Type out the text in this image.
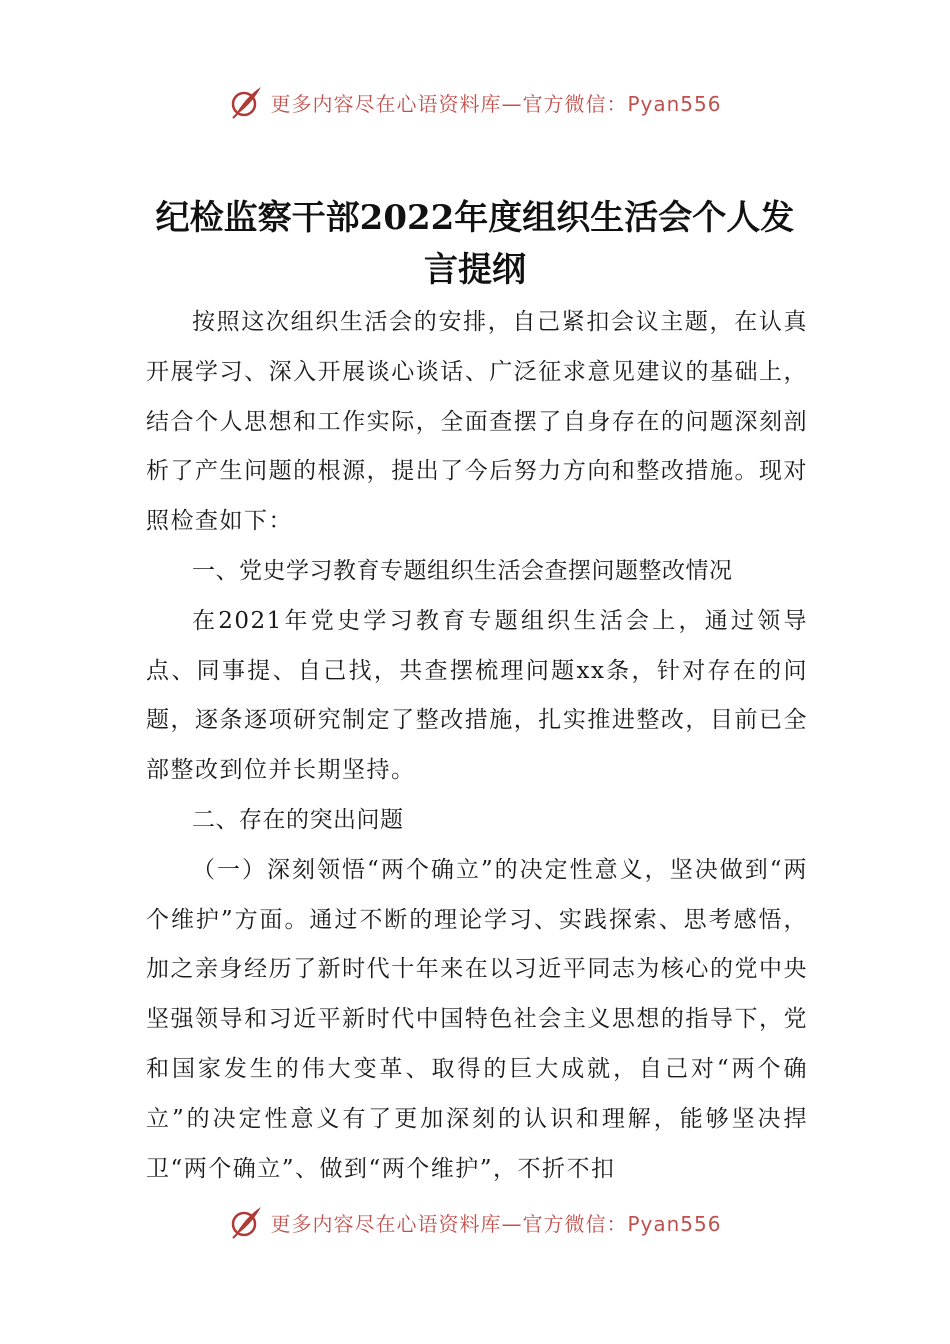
更多内容尽在心语资料库—官方微信：Pyan556
纪检监察干部2022年度组织生活会个人发言提纲

按照这次组织生活会的安排，自己紧扣会议主题，在认真开展学习、深入开展谈心谈话、广泛征求意见建议的基础上，结合个人思想和工作实际，全面查摆了自身存在的问题深刻剖析了产生问题的根源，提出了今后努力方向和整改措施。现对照检查如下：

一、党史学习教育专题组织生活会查摆问题整改情况

在2021年党史学习教育专题组织生活会上，通过领导点、同事提、自己找，共查摆梳理问题xx条，针对存在的问题，逐条逐项研究制定了整改措施，扎实推进整改，目前已全部整改到位并长期坚持。

二、存在的突出问题

（一）深刻领悟“两个确立”的决定性意义，坚决做到“两个维护”方面。通过不断的理论学习、实践探索、思考感悟，加之亲身经历了新时代十年来在以习近平同志为核心的党中央坚强领导和习近平新时代中国特色社会主义思想的指导下，党和国家发生的伟大变革、取得的巨大成就，自己对“两个确立”的决定性意义有了更加深刻的认识和理解，能够坚决捍卫“两个确立”、做到“两个维护”，不折不扣

更多内容尽在心语资料库—官方微信：Pyan556
